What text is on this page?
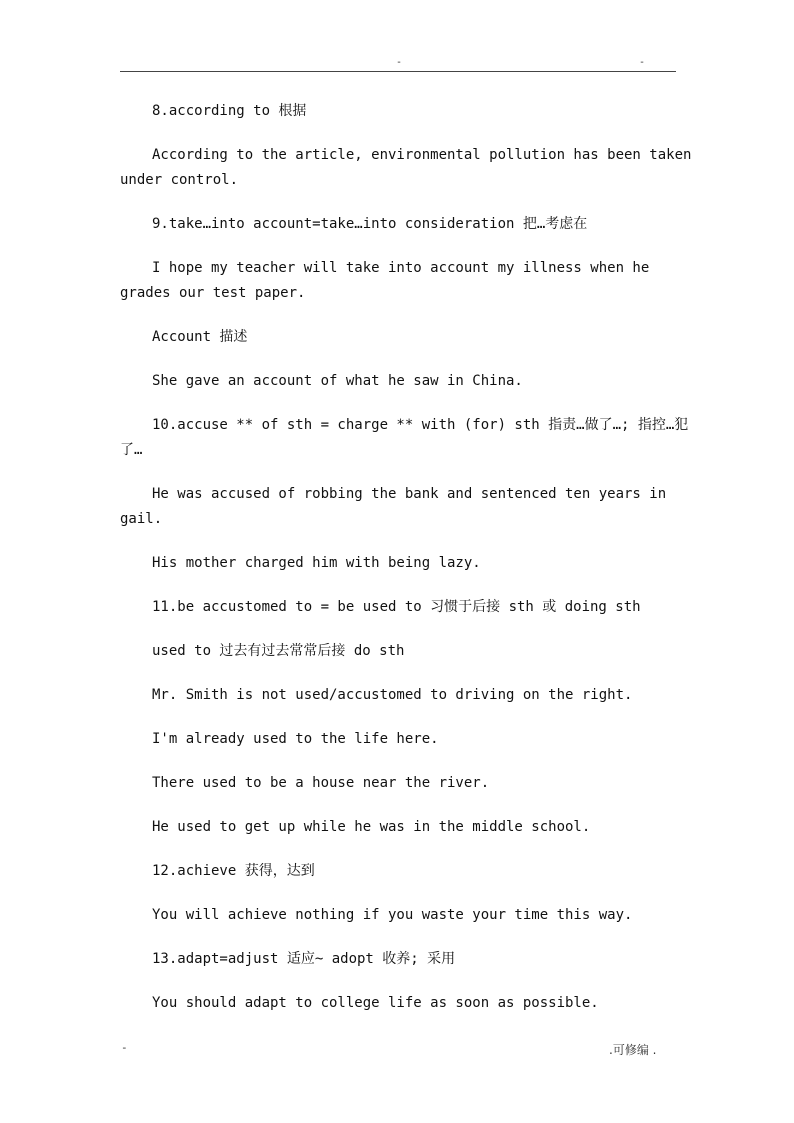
-	-

8.according to 根据

According to the article, environmental pollution has been taken under control.

9.take…into account=take…into consideration 把…考虑在

I hope my teacher will take into account my illness when he grades our test paper.

Account 描述

She gave an account of what he saw in China.

10.accuse ** of sth = charge ** with (for) sth 指责…做了…; 指控…犯了…

He was accused of robbing the bank and sentenced ten years in gail.

His mother charged him with being lazy.

11.be accustomed to = be used to 习惯于后接 sth 或 doing sth

used to 过去有过去常常后接 do sth

Mr. Smith is not used/accustomed to driving on the right.

I'm already used to the life here.

There used to be a house near the river.

He used to get up while he was in the middle school.

12.achieve 获得，达到

You will achieve nothing if you waste your time this way.

13.adapt=adjust 适应~ adopt 收养; 采用

You should adapt to college life as soon as possible.

-	.可修编 .
